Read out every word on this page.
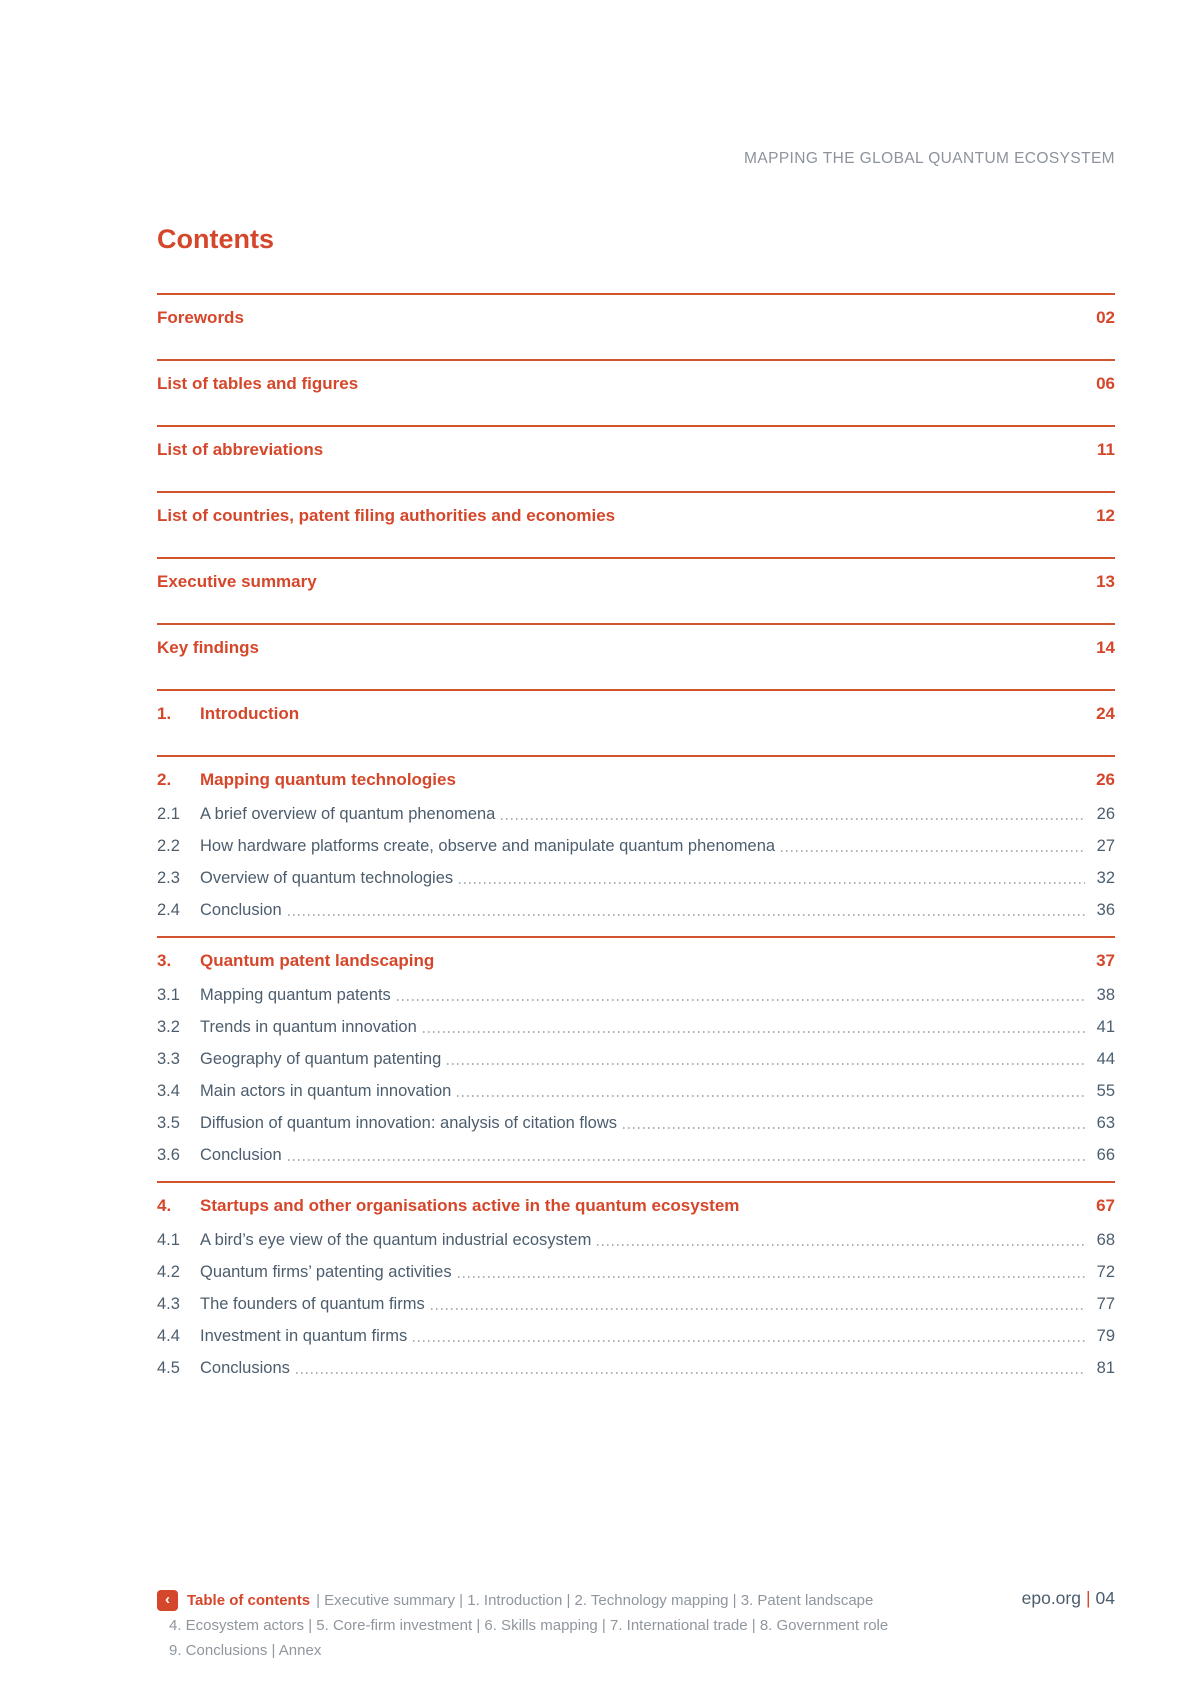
MAPPING THE GLOBAL QUANTUM ECOSYSTEM
Contents
Forewords	02
List of tables and figures	06
List of abbreviations	11
List of countries, patent filing authorities and economies	12
Executive summary	13
Key findings	14
1.	Introduction	24
2.	Mapping quantum technologies	26
2.1	A brief overview of quantum phenomena	26
2.2	How hardware platforms create, observe and manipulate quantum phenomena	27
2.3	Overview of quantum technologies	32
2.4	Conclusion	36
3.	Quantum patent landscaping	37
3.1	Mapping quantum patents	38
3.2	Trends in quantum innovation	41
3.3	Geography of quantum patenting	44
3.4	Main actors in quantum innovation	55
3.5	Diffusion of quantum innovation: analysis of citation flows	63
3.6	Conclusion	66
4.	Startups and other organisations active in the quantum ecosystem	67
4.1	A bird’s eye view of the quantum industrial ecosystem	68
4.2	Quantum firms’ patenting activities	72
4.3	The founders of quantum firms	77
4.4	Investment in quantum firms	79
4.5	Conclusions	81
‹	Table of contents | Executive summary | 1. Introduction | 2. Technology mapping | 3. Patent landscape
4. Ecosystem actors | 5. Core-firm investment | 6. Skills mapping | 7. International trade | 8. Government role
9. Conclusions | Annex
epo.org | 04
